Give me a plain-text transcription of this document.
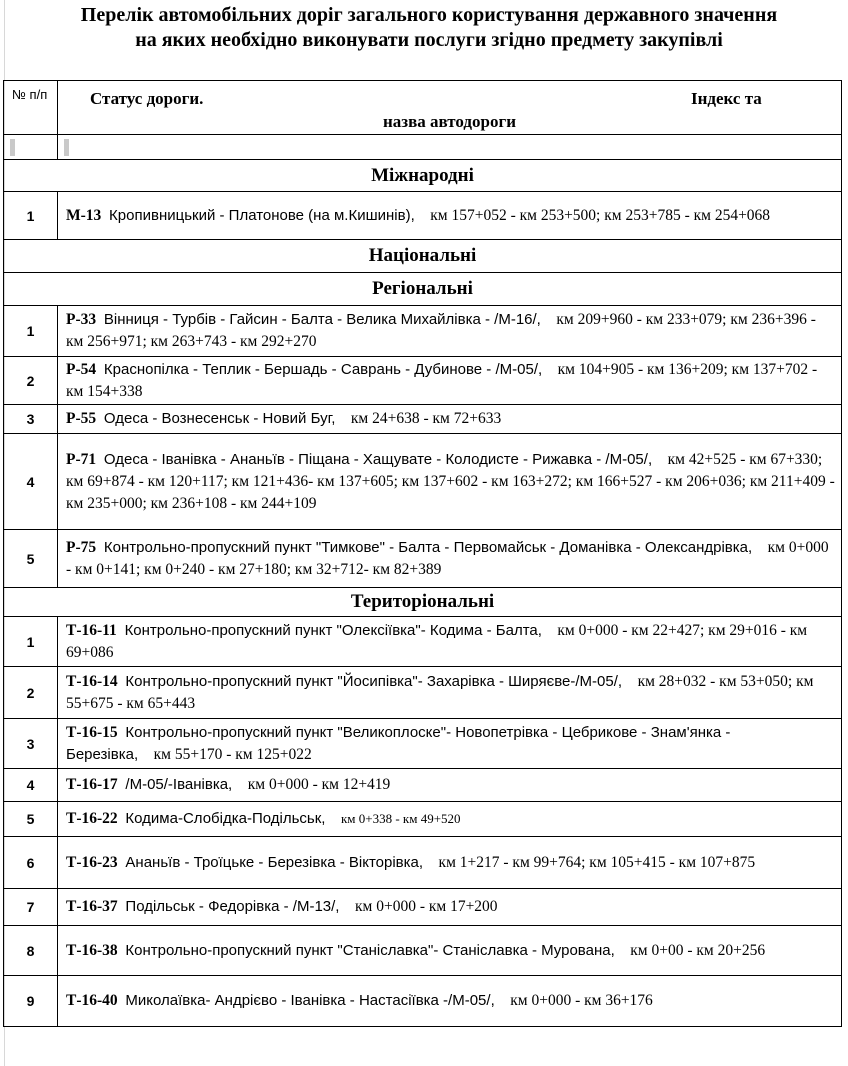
Перелік автомобільних доріг загального користування державного значення
на яких необхідно виконувати послуги згідно предмету закупівлі
№ п/п	Статус дороги. Індекс та
назва автодороги

Міжнародні	
1	М-13 Кропивницький - Платонове (на м.Кишинів), км 157+052 - км 253+500; км 253+785 - км 254+068
Національні	
Регіональні	
1	Р-33 Вінниця - Турбів - Гайсин - Балта - Велика Михайлівка - /М-16/, км 209+960 - км 233+079; км 236+396 - км 256+971; км 263+743 - км 292+270
2	Р-54 Краснопілка - Теплик - Бершадь - Саврань - Дубинове - /М-05/, км 104+905 - км 136+209; км 137+702 - км 154+338
3	Р-55 Одеса - Вознесенськ - Новий Буг, км 24+638 - км 72+633
4	Р-71 Одеса - Іванівка - Ананьїв - Піщана - Хащувате - Колодисте - Рижавка - /М-05/, км 42+525 - км 67+330; км 69+874 - км 120+117; км 121+436- км 137+605; км 137+602 - км 163+272; км 166+527 - км 206+036; км 211+409 - км 235+000; км 236+108 - км 244+109
5	Р-75 Контрольно-пропускний пункт "Тимкове" - Балта - Первомайськ - Доманівка - Олександрівка, км 0+000 - км 0+141; км 0+240 - км 27+180; км 32+712- км 82+389
Територіональні	
1	Т-16-11 Контрольно-пропускний пункт "Олексіївка"- Кодима - Балта, км 0+000 - км 22+427; км 29+016 - км 69+086
2	Т-16-14 Контрольно-пропускний пункт "Йосипівка"- Захарівка - Ширяєве-/М-05/, км 28+032 - км 53+050; км 55+675 - км 65+443
3	Т-16-15 Контрольно-пропускний пункт "Великоплоске"- Новопетрівка - Цебрикове - Знам'янка - Березівка, км 55+170 - км 125+022
4	Т-16-17 /М-05/-Іванівка, км 0+000 - км 12+419
5	Т-16-22 Кодима-Слобідка-Подільськ, км 0+338 - км 49+520
6	Т-16-23 Ананьїв - Троїцьке - Березівка - Вікторівка, км 1+217 - км 99+764; км 105+415 - км 107+875
7	Т-16-37 Подільськ - Федорівка - /М-13/, км 0+000 - км 17+200
8	Т-16-38 Контрольно-пропускний пункт "Станіславка"- Станіславка - Мурована, км 0+00 - км 20+256
9	Т-16-40 Миколаївка- Андрієво - Іванівка - Настасіївка -/М-05/, км 0+000 - км 36+176
